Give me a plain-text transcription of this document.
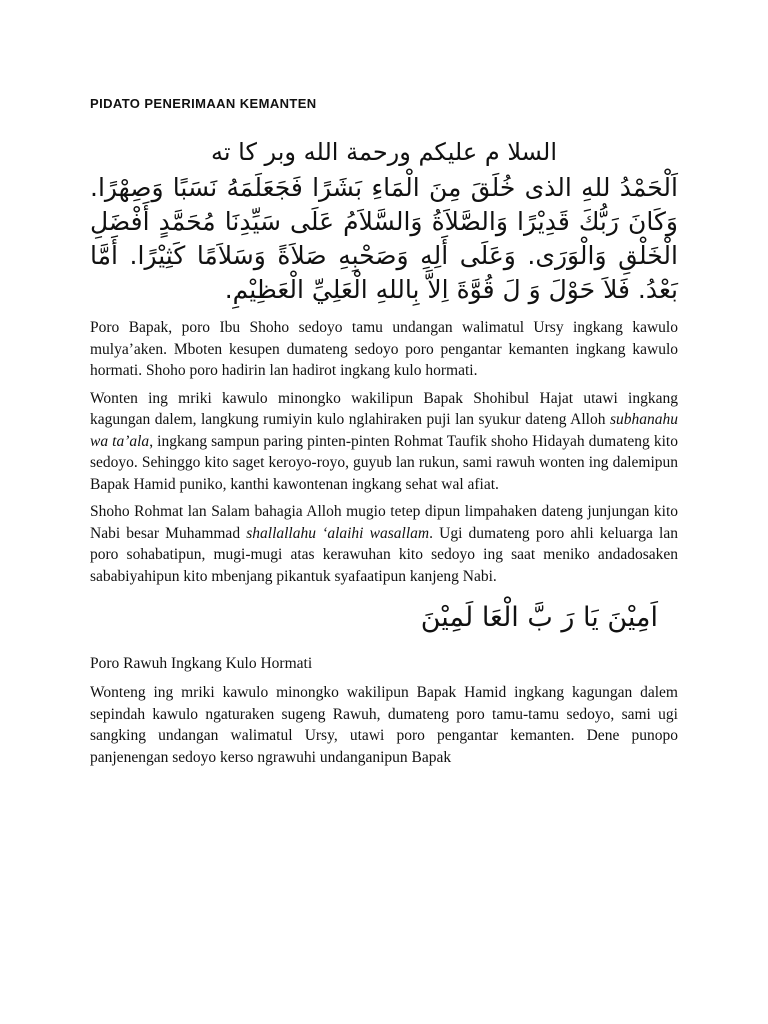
PIDATO PENERIMAAN KEMANTEN

السلا م عليكم ورحمة الله وبر كا ته

اَلْحَمْدُ للهِ الذى خُلَقَ مِنَ الْمَاءِ بَشَرًا فَجَعَلَمَهُ نَسَبًا وَصِهْرًا. وَكَانَ رَبُّكَ قَدِيْرًا وَالصَّلاَةُ وَالسَّلاَمُ عَلَى سَيِّدِنَا مُحَمَّدٍ أَفْضَلِ الْخَلْقِ وَالْوَرَى. وَعَلَى أَلِهِ وَصَحْبِهِ صَلاَةً وَسَلاَمًا كَثِيْرًا. أَمَّا بَعْدُ. فَلاَ حَوْلَ وَ لَ قُوَّةَ اِلاَّ بِاللهِ الْعَلِيِّ الْعَظِيْمِ.

Poro Bapak, poro Ibu Shoho sedoyo tamu undangan walimatul Ursy ingkang kawulo mulya’aken. Mboten kesupen dumateng sedoyo poro pengantar kemanten ingkang kawulo hormati. Shoho poro hadirin lan hadirot ingkang kulo hormati.

Wonten ing mriki kawulo minongko wakilipun Bapak Shohibul Hajat utawi ingkang kagungan dalem, langkung rumiyin kulo nglahiraken puji lan syukur dateng Alloh subhanahu wa ta’ala, ingkang sampun paring pinten-pinten Rohmat Taufik shoho Hidayah dumateng kito sedoyo. Sehinggo kito saget keroyo-royo, guyub lan rukun, sami rawuh wonten ing dalemipun Bapak Hamid puniko, kanthi kawontenan ingkang sehat wal afiat.

Shoho Rohmat lan Salam bahagia Alloh mugio tetep dipun limpahaken dateng junjungan kito Nabi besar Muhammad shallallahu ‘alaihi wasallam. Ugi dumateng poro ahli keluarga lan poro sohabatipun, mugi-mugi atas kerawuhan kito sedoyo ing saat meniko andadosaken sababiyahipun kito mbenjang pikantuk syafaatipun kanjeng Nabi.

اَمِيْنَ يَا رَ بَّ الْعَا لَمِيْنَ

Poro Rawuh Ingkang Kulo Hormati

Wonteng ing mriki kawulo minongko wakilipun Bapak Hamid ingkang kagungan dalem sepindah kawulo ngaturaken sugeng Rawuh, dumateng poro tamu-tamu sedoyo, sami ugi sangking undangan walimatul Ursy, utawi poro pengantar kemanten. Dene punopo panjenengan sedoyo kerso ngrawuhi undanganipun Bapak
